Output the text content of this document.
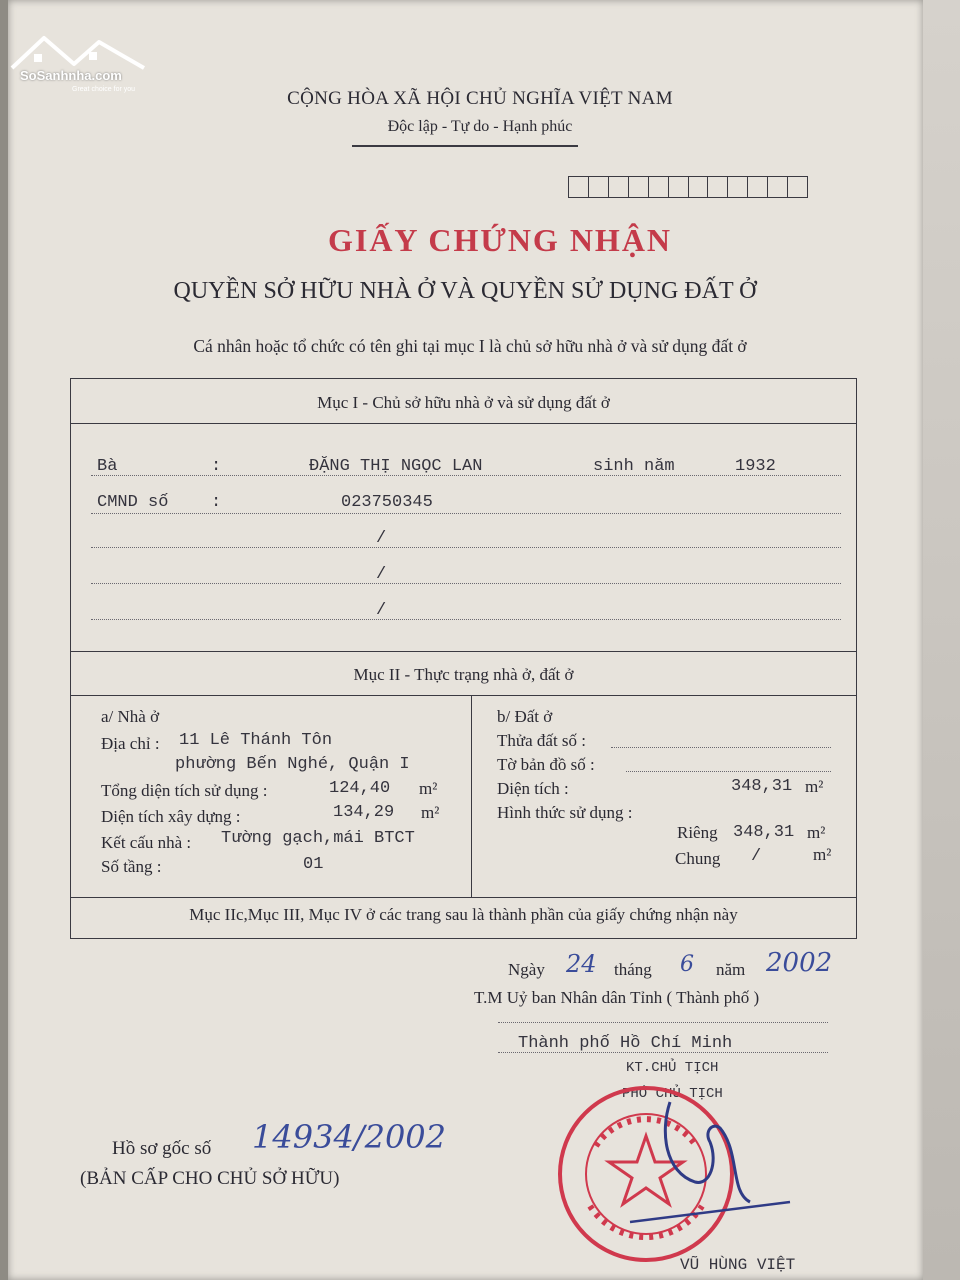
SoSanhnha.com
Great choice for you	CỘNG HÒA XÃ HỘI CHỦ NGHĨA VIỆT NAM
Độc lập - Tự do - Hạnh phúc
GIẤY CHỨNG NHẬN
QUYỀN SỞ HỮU NHÀ Ở VÀ QUYỀN SỬ DỤNG ĐẤT Ở
Cá nhân hoặc tổ chức có tên ghi tại mục I là chủ sở hữu nhà ở và sử dụng đất ở
Mục I - Chủ sở hữu nhà ở và sử dụng đất ở
Bà	:	ĐẶNG THỊ NGỌC LAN	sinh năm	1932
CMND số	:	023750345
/
/
/
Mục II - Thực trạng nhà ở, đất ở
a/ Nhà ở
Địa chỉ : 11 Lê Thánh Tôn
phường Bến Nghé, Quận I
Tổng diện tích sử dụng :	124,40 m²
Diện tích xây dựng :	134,29 m²
Kết cấu nhà : Tường gạch,mái BTCT
Số tầng :	01
b/ Đất ở
Thửa đất số :
Tờ bản đồ số :
Diện tích :	348,31 m²
Hình thức sử dụng :
Riêng 348,31 m²
Chung /	m²
Mục IIc,Mục III, Mục IV ở các trang sau là thành phần của giấy chứng nhận này
Ngày 24 tháng 6 năm 2002
T.M Uỷ ban Nhân dân Tỉnh ( Thành phố )
Thành phố Hồ Chí Minh
KT.CHỦ TỊCH
PHÓ CHỦ TỊCH
VŨ HÙNG VIỆT
Hồ sơ gốc số 14934/2002
(BẢN CẤP CHO CHỦ SỞ HỮU)
